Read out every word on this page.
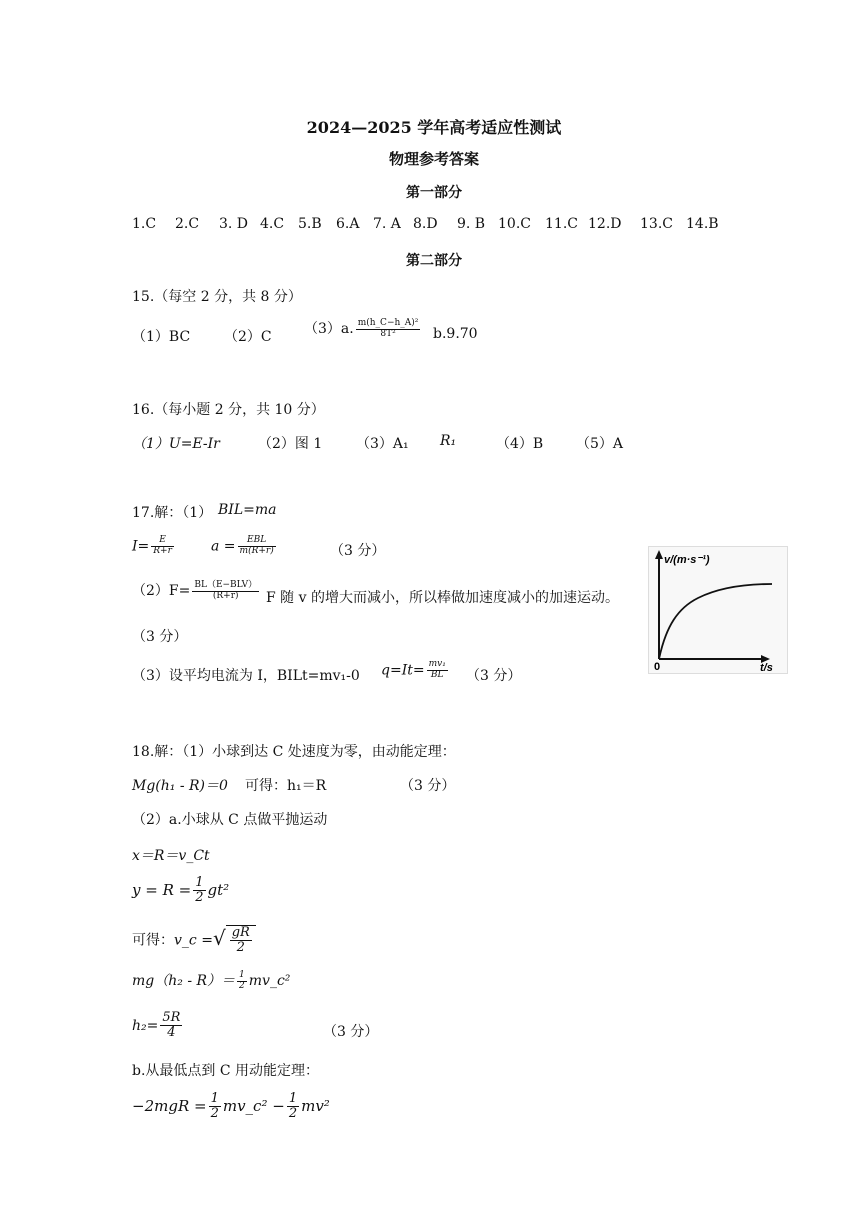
2024—2025 学年高考适应性测试
物理参考答案
第一部分
1.C 2.C 3. D 4.C 5.B 6.A 7. A 8.D 9. B 10.C 11.C 12.D 13.C 14.B
第二部分
15.（每空 2 分，共 8 分）
（1）BC （2）C （3）a. $\frac{\text{m(h\_C−h\_A)²}}{\text{8T²}} b.9.70$
16.（每小题 2 分，共 10 分）
（1）U=E-Ir	（2）图 1 （3）A₁ R₁	（4）B （5）A
17.解：（1） BIL=ma
$I= \frac{E}{R+r}$	$a = \frac{\text{EBL}}{m(R+r)}$	（3 分）
$(2)F= \frac{\text{BL（E−BLV）}}{(R+r)}$ F 随 v 的增大而减小，所以棒做加速度减小的加速运动。
（3 分）
（3）设平均电流为 I，BILt=mv₁-0 $q=It= \frac{\text{mv₁}}{BL} (3$ 分）
v/(m·s⁻¹)
t/s
0
18.解：（1）小球到达 C 处速度为零，由动能定理：
Mg(h₁ - R)＝0 可得：h₁＝R	（3 分）
（2）a.小球从 C 点做平抛运动
x＝R＝v_Ct
$y = R = \frac{1}{2} gt^2$
可得：v_c =√ $\frac{gR}{2}$
$mg(h_2 - R)= \frac{1}{2}$ mv_c²
$h_2= \frac{5R}{4}$	（3 分）
b.从最低点到 C 用动能定理：
$-2mgR = \frac{1}{2}$ mv_c² − $\frac{1}{2} mv^2$
